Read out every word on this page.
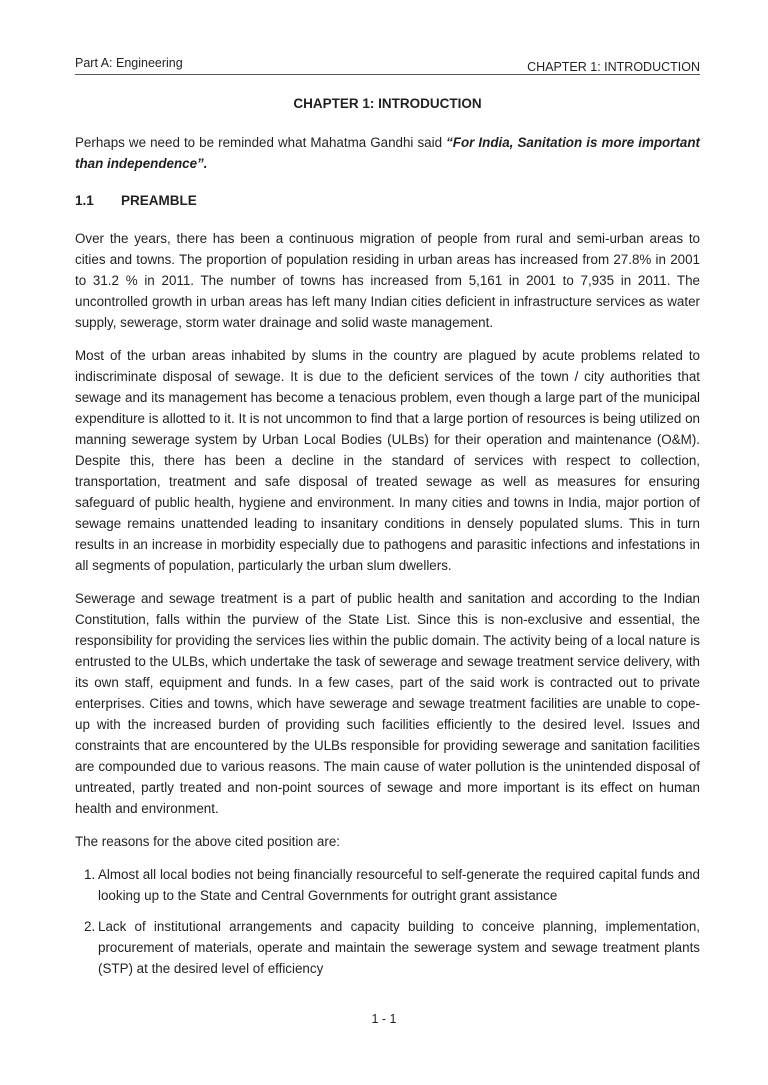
Part A: Engineering	CHAPTER 1: INTRODUCTION
CHAPTER 1: INTRODUCTION

Perhaps we need to be reminded what Mahatma Gandhi said “For India, Sanitation is more important than independence”.

1.1 PREAMBLE

Over the years, there has been a continuous migration of people from rural and semi-urban areas to cities and towns. The proportion of population residing in urban areas has increased from 27.8% in 2001 to 31.2 % in 2011. The number of towns has increased from 5,161 in 2001 to 7,935 in 2011. The uncontrolled growth in urban areas has left many Indian cities deficient in infrastructure services as water supply, sewerage, storm water drainage and solid waste management.

Most of the urban areas inhabited by slums in the country are plagued by acute problems related to indiscriminate disposal of sewage. It is due to the deficient services of the town / city authorities that sewage and its management has become a tenacious problem, even though a large part of the municipal expenditure is allotted to it. It is not uncommon to find that a large portion of resources is being utilized on manning sewerage system by Urban Local Bodies (ULBs) for their operation and maintenance (O&M). Despite this, there has been a decline in the standard of services with respect to collection, transportation, treatment and safe disposal of treated sewage as well as measures for ensuring safeguard of public health, hygiene and environment. In many cities and towns in India, major portion of sewage remains unattended leading to insanitary conditions in densely populated slums. This in turn results in an increase in morbidity especially due to pathogens and parasitic infections and infestations in all segments of population, particularly the urban slum dwellers.

Sewerage and sewage treatment is a part of public health and sanitation and according to the Indian Constitution, falls within the purview of the State List. Since this is non-exclusive and essential, the responsibility for providing the services lies within the public domain. The activity being of a local nature is entrusted to the ULBs, which undertake the task of sewerage and sewage treatment service delivery, with its own staff, equipment and funds. In a few cases, part of the said work is contracted out to private enterprises. Cities and towns, which have sewerage and sewage treatment facilities are unable to cope-up with the increased burden of providing such facilities efficiently to the desired level. Issues and constraints that are encountered by the ULBs responsible for providing sewerage and sanitation facilities are compounded due to various reasons. The main cause of water pollution is the unintended disposal of untreated, partly treated and non-point sources of sewage and more important is its effect on human health and environment.

The reasons for the above cited position are:

1. Almost all local bodies not being financially resourceful to self-generate the required capital funds and looking up to the State and Central Governments for outright grant assistance
2. Lack of institutional arrangements and capacity building to conceive planning, implementation, procurement of materials, operate and maintain the sewerage system and sewage treatment plants (STP) at the desired level of efficiency
1 - 1
